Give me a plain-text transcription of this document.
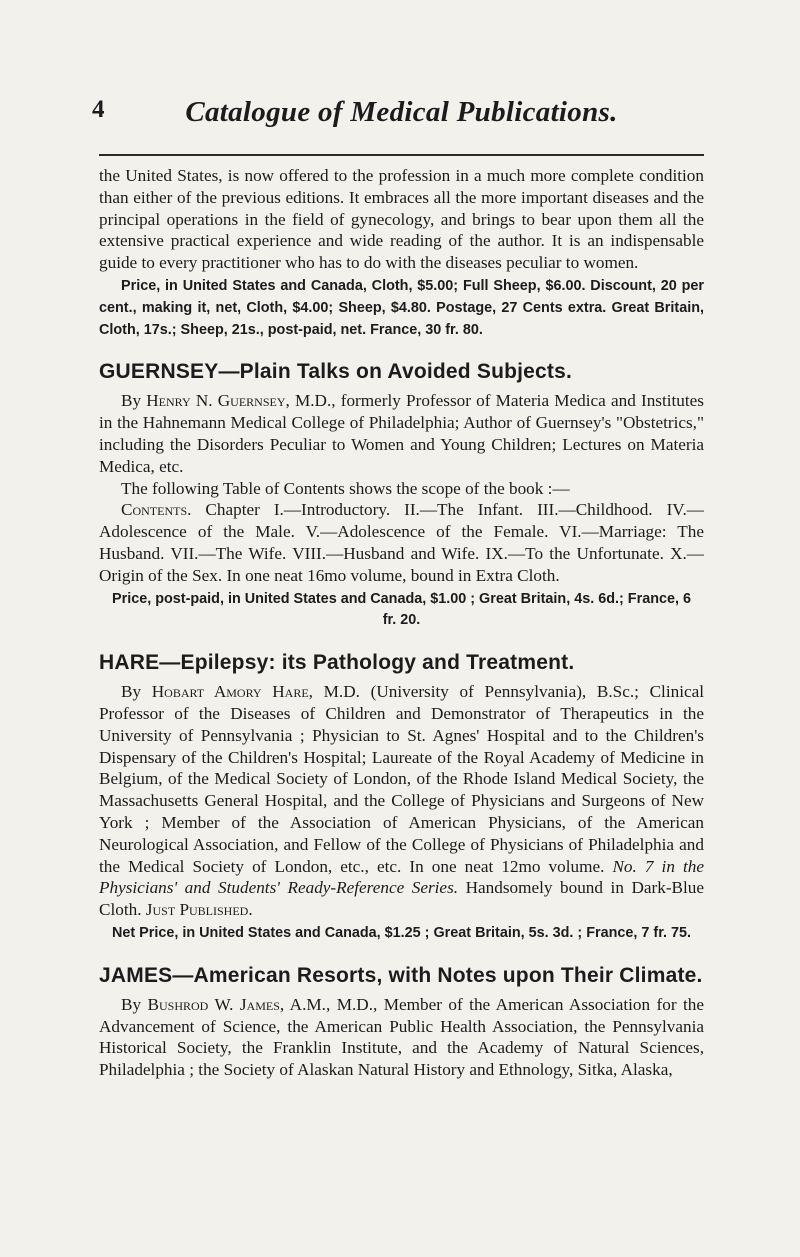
4	Catalogue of Medical Publications.

the United States, is now offered to the profession in a much more complete condition than either of the previous editions. It embraces all the more important diseases and the principal operations in the field of gynecology, and brings to bear upon them all the extensive practical experience and wide reading of the author. It is an indispensable guide to every practitioner who has to do with the diseases peculiar to women.

Price, in United States and Canada, Cloth, $5.00; Full Sheep, $6.00. Discount, 20 per cent., making it, net, Cloth, $4.00; Sheep, $4.80. Postage, 27 Cents extra. Great Britain, Cloth, 17s.; Sheep, 21s., post-paid, net. France, 30 fr. 80.

GUERNSEY—Plain Talks on Avoided Subjects.

By Henry N. Guernsey, M.D., formerly Professor of Materia Medica and Institutes in the Hahnemann Medical College of Philadelphia; Author of Guernsey's "Obstetrics," including the Disorders Peculiar to Women and Young Children; Lectures on Materia Medica, etc.

The following Table of Contents shows the scope of the book :—

Contents. Chapter I.—Introductory. II.—The Infant. III.—Childhood. IV.—Adolescence of the Male. V.—Adolescence of the Female. VI.—Marriage: The Husband. VII.—The Wife. VIII.—Husband and Wife. IX.—To the Unfortunate. X.—Origin of the Sex. In one neat 16mo volume, bound in Extra Cloth.

Price, post-paid, in United States and Canada, $1.00 ; Great Britain, 4s. 6d.; France, 6 fr. 20.

HARE—Epilepsy: its Pathology and Treatment.

By Hobart Amory Hare, M.D. (University of Pennsylvania), B.Sc.; Clinical Professor of the Diseases of Children and Demonstrator of Therapeutics in the University of Pennsylvania ; Physician to St. Agnes' Hospital and to the Children's Dispensary of the Children's Hospital; Laureate of the Royal Academy of Medicine in Belgium, of the Medical Society of London, of the Rhode Island Medical Society, the Massachusetts General Hospital, and the College of Physicians and Surgeons of New York ; Member of the Association of American Physicians, of the American Neurological Association, and Fellow of the College of Physicians of Philadelphia and the Medical Society of London, etc., etc. In one neat 12mo volume. No. 7 in the Physicians' and Students' Ready-Reference Series. Handsomely bound in Dark-Blue Cloth. Just Published.

Net Price, in United States and Canada, $1.25 ; Great Britain, 5s. 3d. ; France, 7 fr. 75.

JAMES—American Resorts, with Notes upon Their Climate.

By Bushrod W. James, A.M., M.D., Member of the American Association for the Advancement of Science, the American Public Health Association, the Pennsylvania Historical Society, the Franklin Institute, and the Academy of Natural Sciences, Philadelphia ; the Society of Alaskan Natural History and Ethnology, Sitka, Alaska,
